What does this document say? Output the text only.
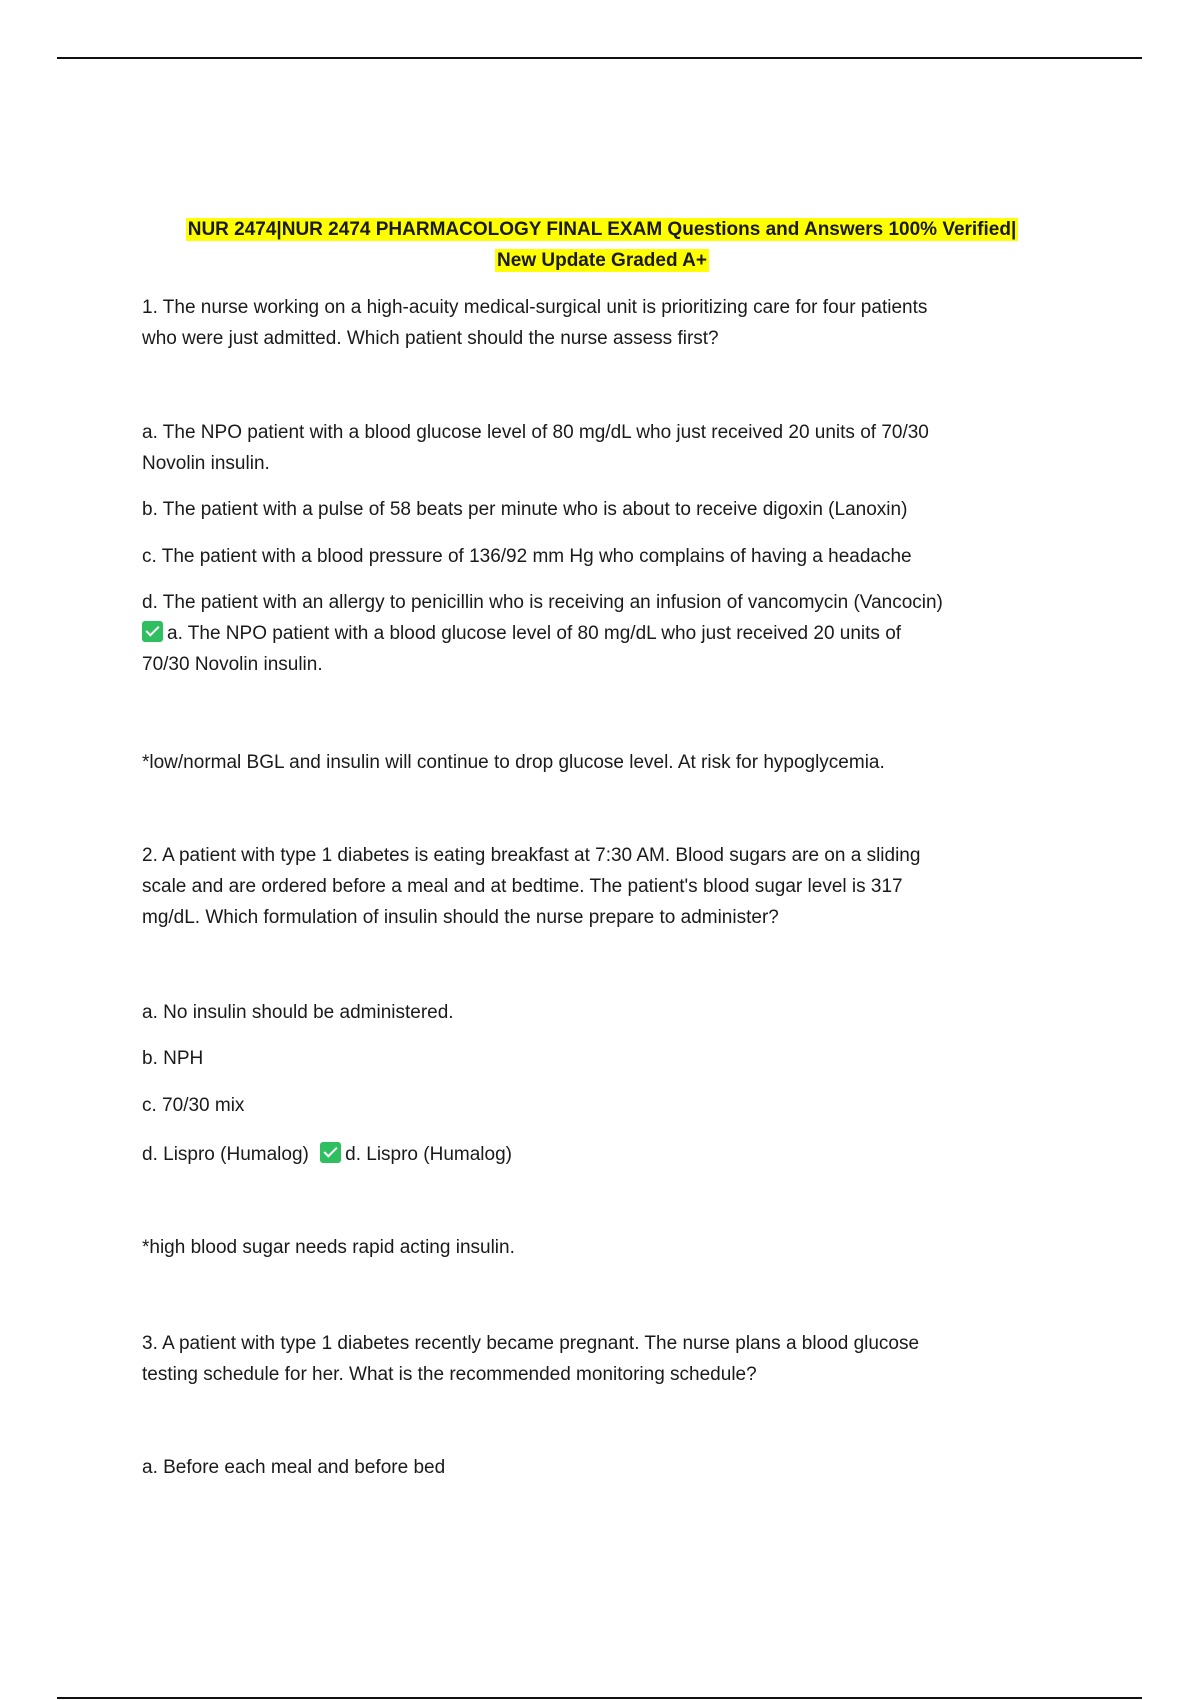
NUR 2474|NUR 2474 PHARMACOLOGY FINAL EXAM Questions and Answers 100% Verified|
New Update Graded A+

1. The nurse working on a high-acuity medical-surgical unit is prioritizing care for four patients
who were just admitted. Which patient should the nurse assess first?

a. The NPO patient with a blood glucose level of 80 mg/dL who just received 20 units of 70/30
Novolin insulin.

b. The patient with a pulse of 58 beats per minute who is about to receive digoxin (Lanoxin)

c. The patient with a blood pressure of 136/92 mm Hg who complains of having a headache

d. The patient with an allergy to penicillin who is receiving an infusion of vancomycin (Vancocin)
a. The NPO patient with a blood glucose level of 80 mg/dL who just received 20 units of
70/30 Novolin insulin.

*low/normal BGL and insulin will continue to drop glucose level. At risk for hypoglycemia.

2. A patient with type 1 diabetes is eating breakfast at 7:30 AM. Blood sugars are on a sliding
scale and are ordered before a meal and at bedtime. The patient's blood sugar level is 317
mg/dL. Which formulation of insulin should the nurse prepare to administer?

a. No insulin should be administered.

b. NPH

c. 70/30 mix

d. Lispro (Humalog) d. Lispro (Humalog)

*high blood sugar needs rapid acting insulin.

3. A patient with type 1 diabetes recently became pregnant. The nurse plans a blood glucose
testing schedule for her. What is the recommended monitoring schedule?

a. Before each meal and before bed
